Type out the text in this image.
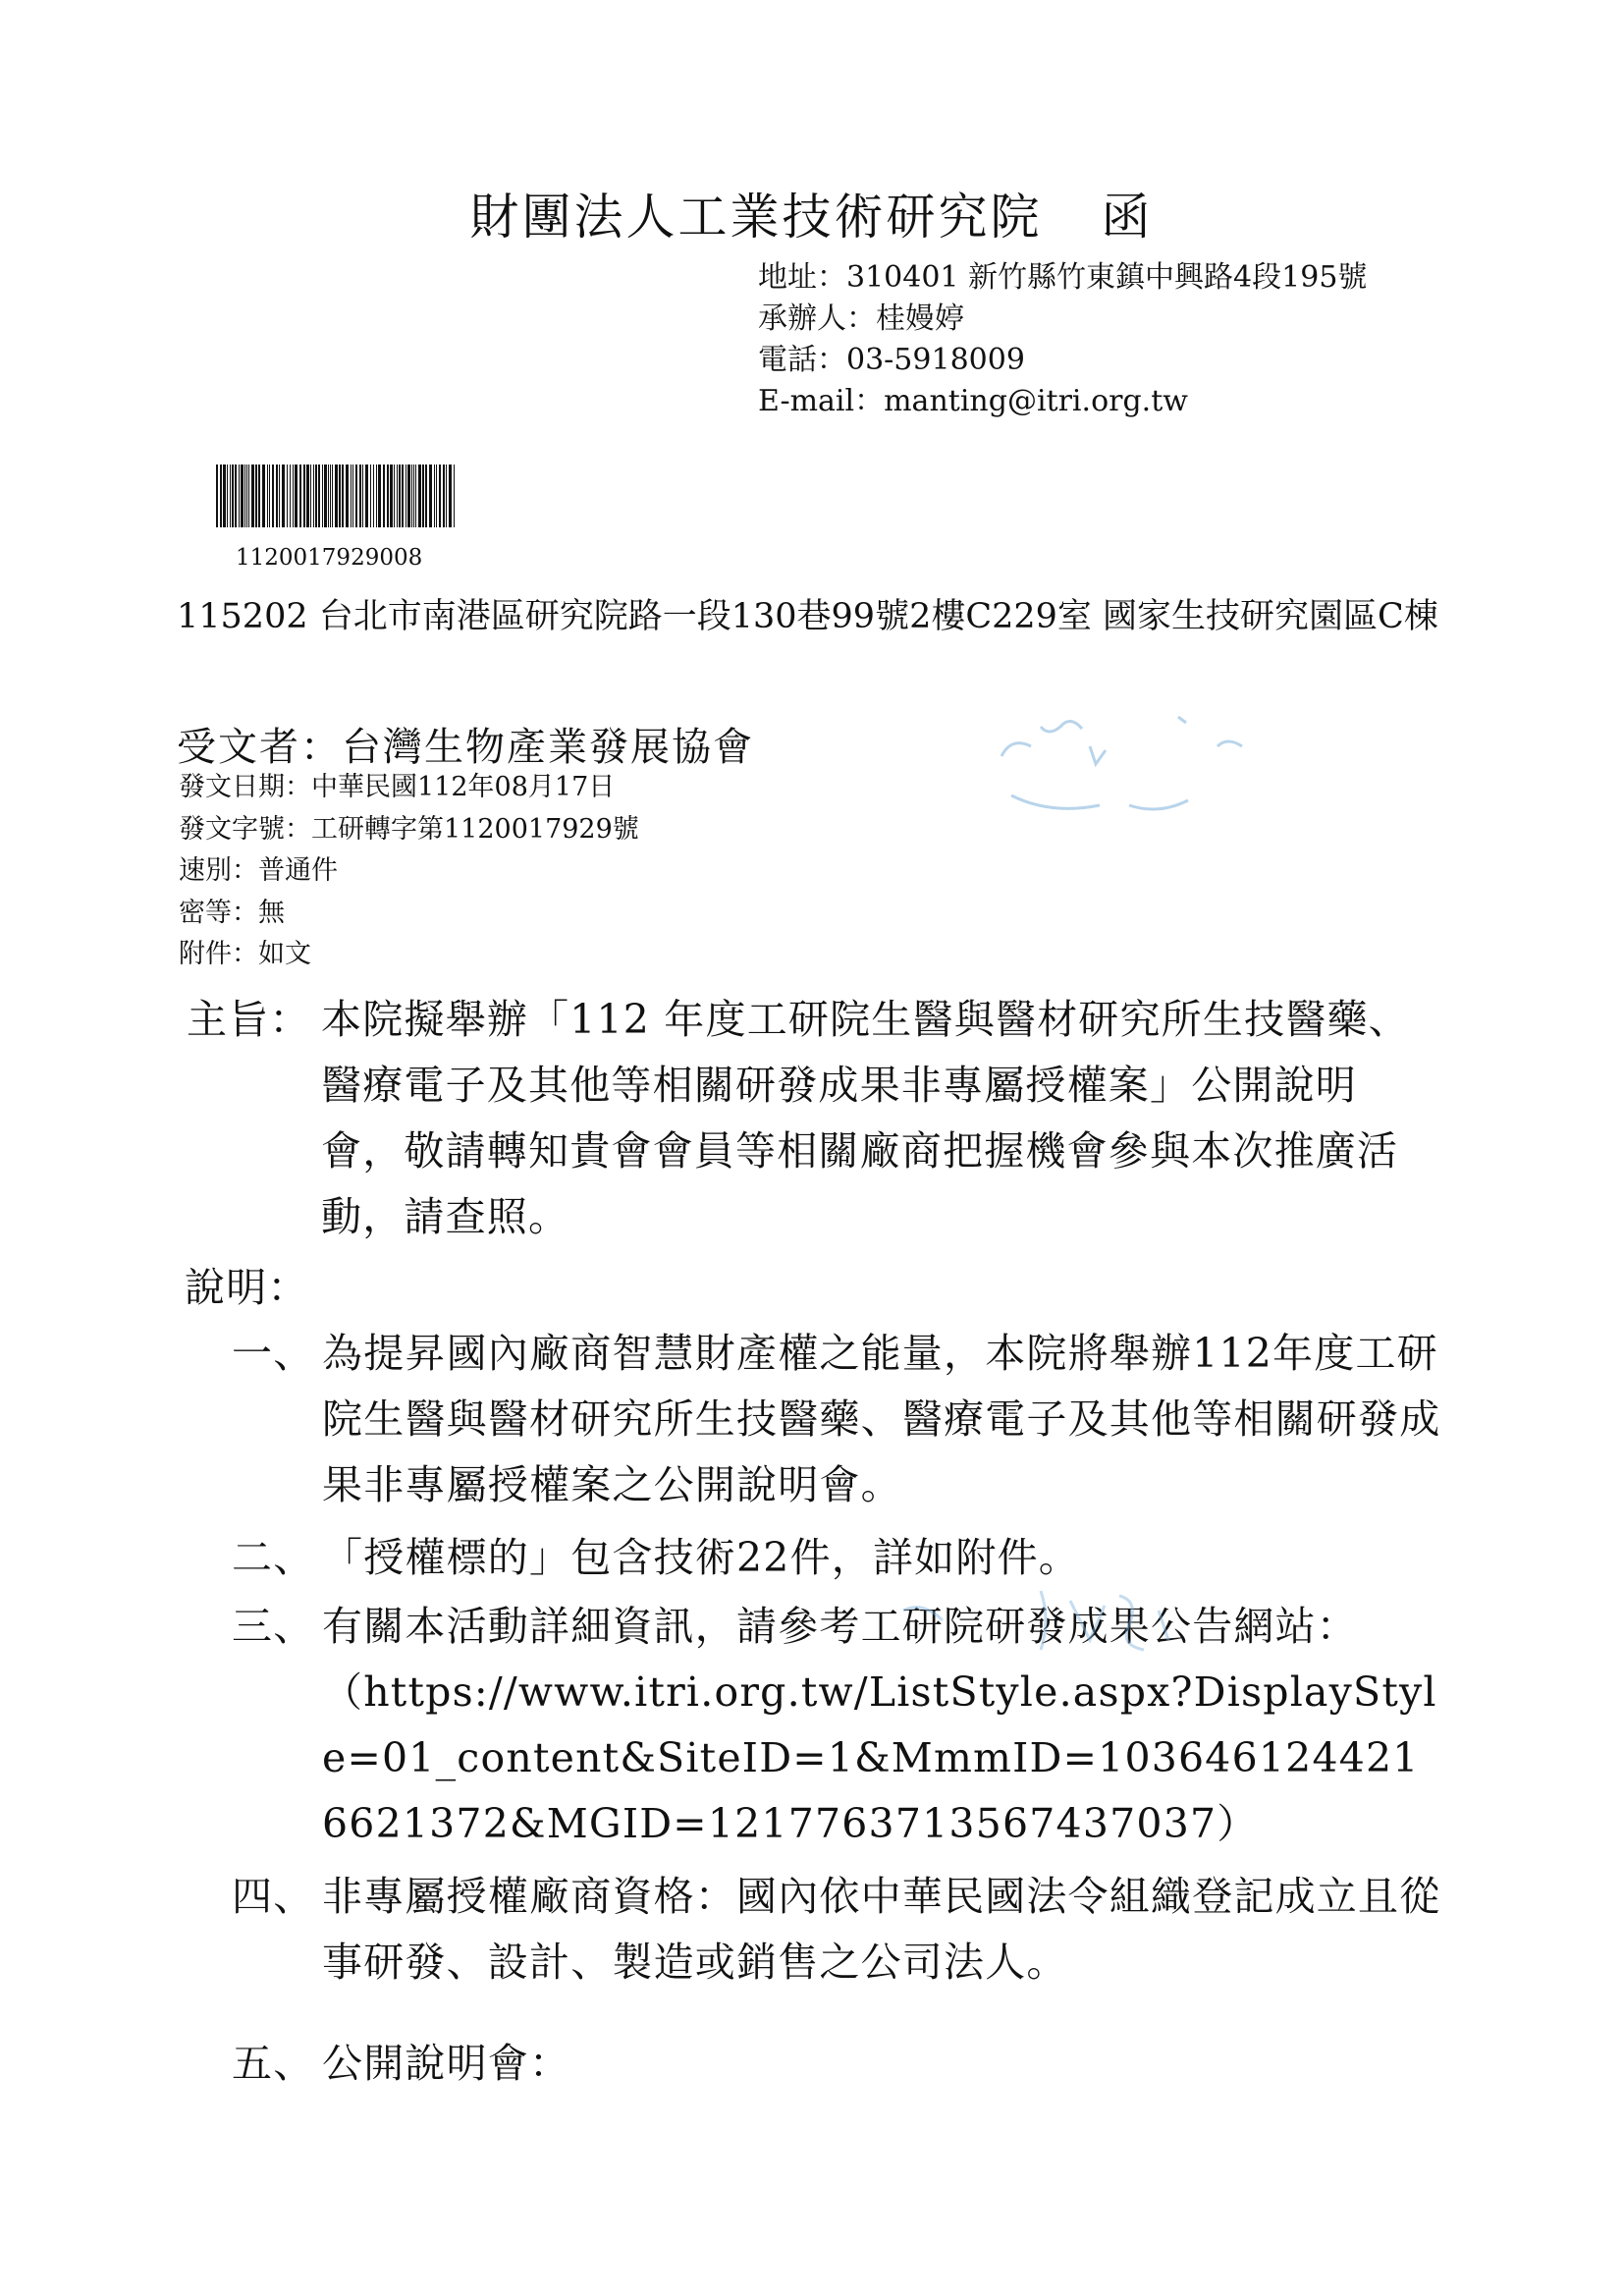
財團法人工業技術研究院 函
地址：310401 新竹縣竹東鎮中興路4段195號
承辦人：桂嫚婷
電話：03-5918009
E-mail：manting@itri.org.tw
1120017929008
115202 台北市南港區研究院路一段130巷99號2樓C229室 國家生技研究園區C棟
受文者：台灣生物產業發展協會
發文日期：中華民國112年08月17日
發文字號：工研轉字第1120017929號
速別：普通件
密等：無
附件：如文
主旨： 本院擬舉辦「112 年度工研院生醫與醫材研究所生技醫藥、醫療電子及其他等相關研發成果非專屬授權案」公開說明會，敬請轉知貴會會員等相關廠商把握機會參與本次推廣活動，請查照。
說明：
一、 為提昇國內廠商智慧財產權之能量，本院將舉辦112年度工研院生醫與醫材研究所生技醫藥、醫療電子及其他等相關研發成果非專屬授權案之公開說明會。
二、 「授權標的」包含技術22件，詳如附件。
三、 有關本活動詳細資訊，請參考工研院研發成果公告網站：
（https://www.itri.org.tw/ListStyle.aspx?DisplayStyle=01_content&SiteID=1&MmmID=1036461244216621372&MGID=1217763713567437037）
四、 非專屬授權廠商資格：國內依中華民國法令組織登記成立且從事研發、設計、製造或銷售之公司法人。
五、 公開說明會：
